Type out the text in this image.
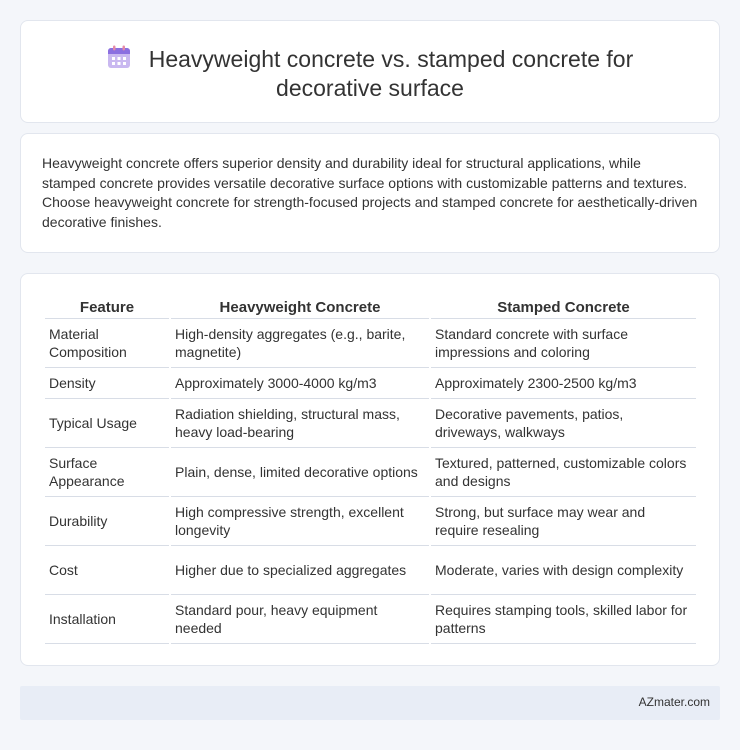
Heavyweight concrete vs. stamped concrete for
decorative surface

Heavyweight concrete offers superior density and durability ideal for structural applications, while stamped concrete provides versatile decorative surface options with customizable patterns and textures. Choose heavyweight concrete for strength-focused projects and stamped concrete for aesthetically-driven decorative finishes.

Feature	Heavyweight Concrete	Stamped Concrete
Material Composition	High-density aggregates (e.g., barite, magnetite)	Standard concrete with surface impressions and coloring
Density	Approximately 3000-4000 kg/m3	Approximately 2300-2500 kg/m3
Typical Usage	Radiation shielding, structural mass, heavy load-bearing	Decorative pavements, patios, driveways, walkways
Surface Appearance	Plain, dense, limited decorative options	Textured, patterned, customizable colors and designs
Durability	High compressive strength, excellent longevity	Strong, but surface may wear and require resealing
Cost	Higher due to specialized aggregates	Moderate, varies with design complexity
Installation	Standard pour, heavy equipment needed	Requires stamping tools, skilled labor for patterns
AZmater.com
